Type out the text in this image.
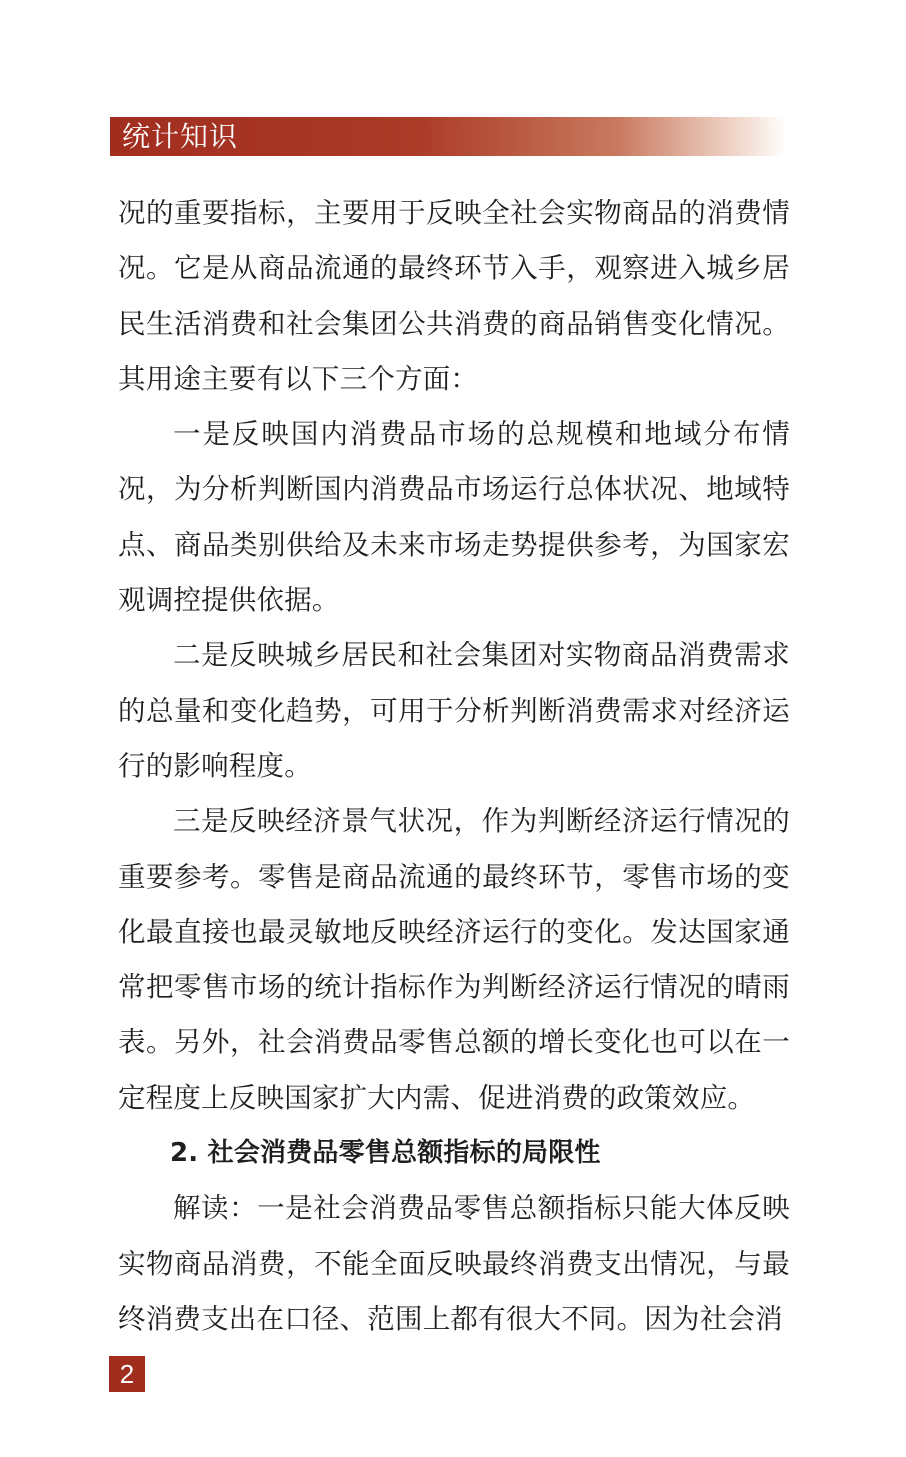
统计知识

况的重要指标，主要用于反映全社会实物商品的消费情况。它是从商品流通的最终环节入手，观察进入城乡居民生活消费和社会集团公共消费的商品销售变化情况。其用途主要有以下三个方面：

一是反映国内消费品市场的总规模和地域分布情况，为分析判断国内消费品市场运行总体状况、地域特点、商品类别供给及未来市场走势提供参考，为国家宏观调控提供依据。

二是反映城乡居民和社会集团对实物商品消费需求的总量和变化趋势，可用于分析判断消费需求对经济运行的影响程度。

三是反映经济景气状况，作为判断经济运行情况的重要参考。零售是商品流通的最终环节，零售市场的变化最直接也最灵敏地反映经济运行的变化。发达国家通常把零售市场的统计指标作为判断经济运行情况的晴雨表。另外，社会消费品零售总额的增长变化也可以在一定程度上反映国家扩大内需、促进消费的政策效应。

2. 社会消费品零售总额指标的局限性

解读：一是社会消费品零售总额指标只能大体反映实物商品消费，不能全面反映最终消费支出情况，与最终消费支出在口径、范围上都有很大不同。因为社会消

2
